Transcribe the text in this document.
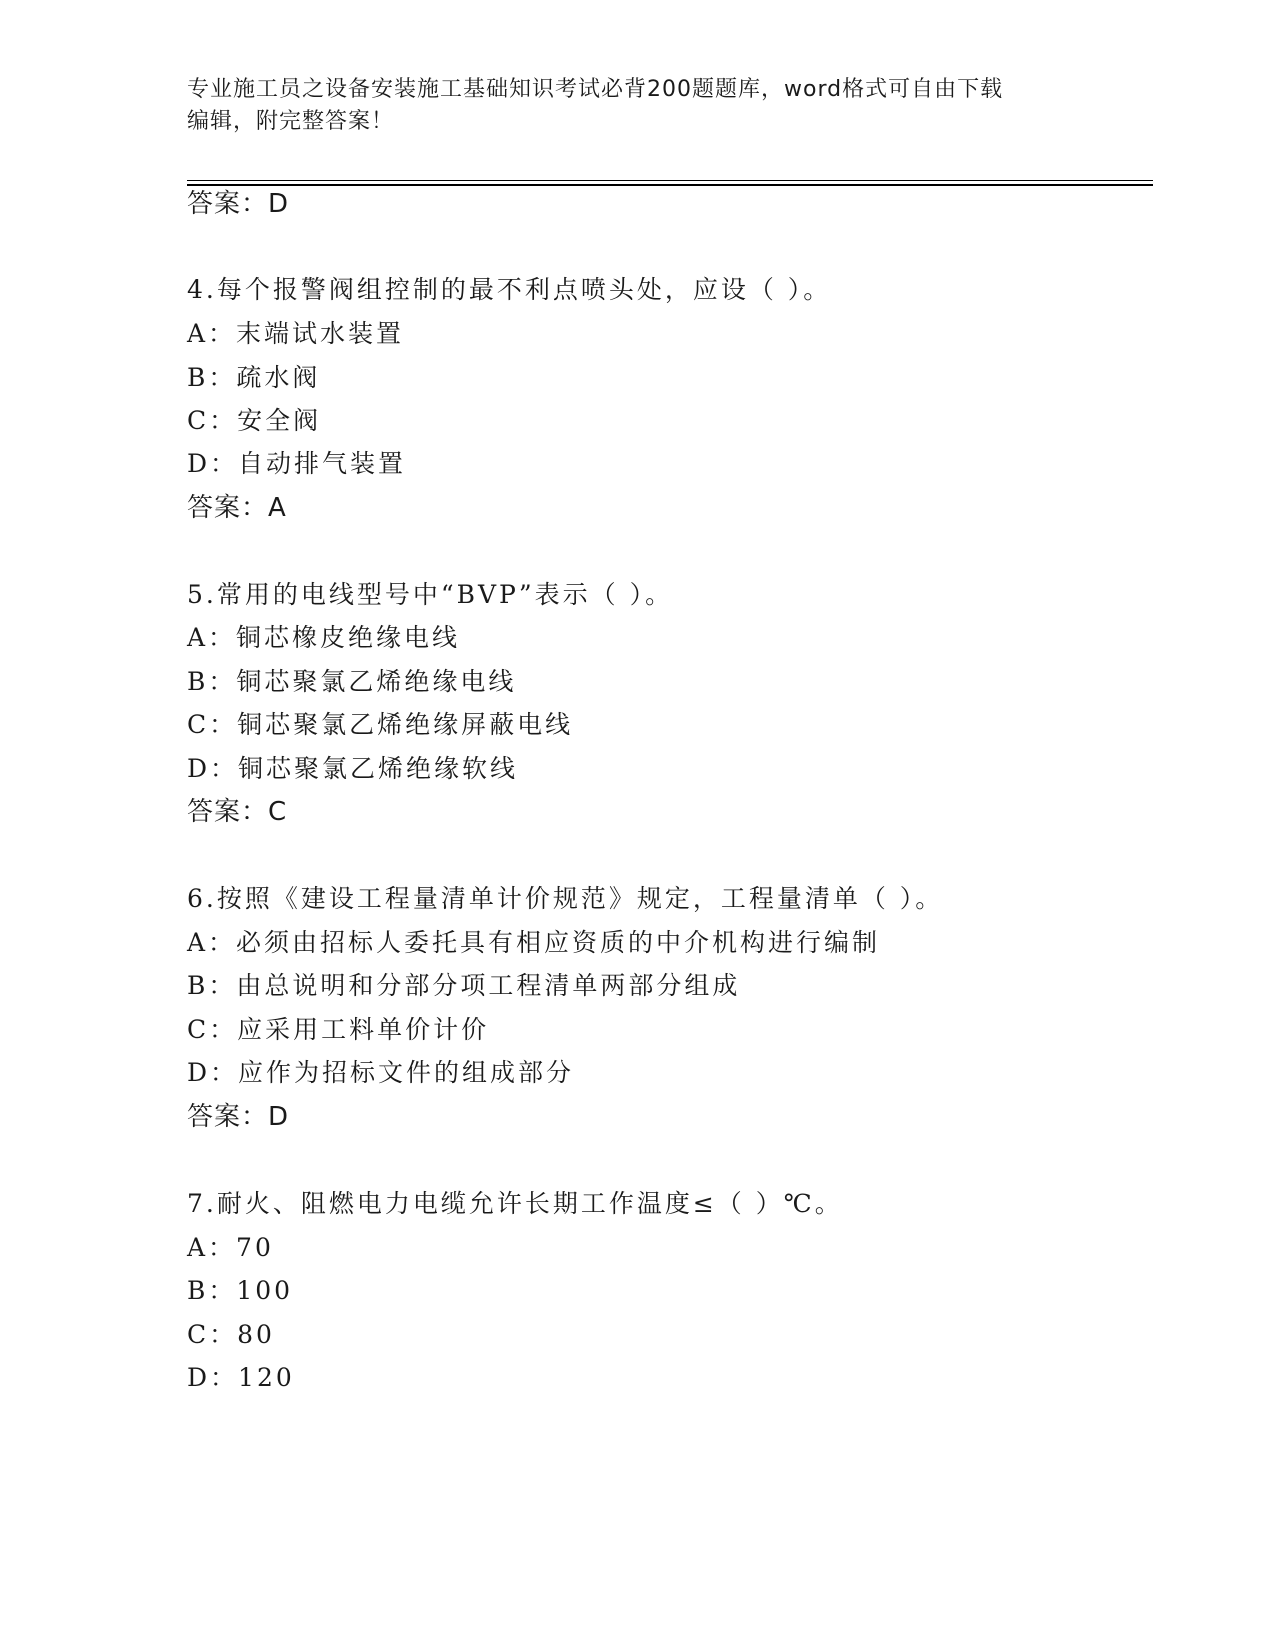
专业施工员之设备安装施工基础知识考试必背200题题库，word格式可自由下载
编辑，附完整答案！
答案：D
4.每个报警阀组控制的最不利点喷头处，应设（ ）。
A：末端试水装置
B：疏水阀
C：安全阀
D：自动排气装置
答案：A
5.常用的电线型号中“BVP”表示（ ）。
A：铜芯橡皮绝缘电线
B：铜芯聚氯乙烯绝缘电线
C：铜芯聚氯乙烯绝缘屏蔽电线
D：铜芯聚氯乙烯绝缘软线
答案：C
6.按照《建设工程量清单计价规范》规定，工程量清单（ ）。
A：必须由招标人委托具有相应资质的中介机构进行编制
B：由总说明和分部分项工程清单两部分组成
C：应采用工料单价计价
D：应作为招标文件的组成部分
答案：D
7.耐火、阻燃电力电缆允许长期工作温度≤（ ）℃。
A：70
B：100
C：80
D：120
